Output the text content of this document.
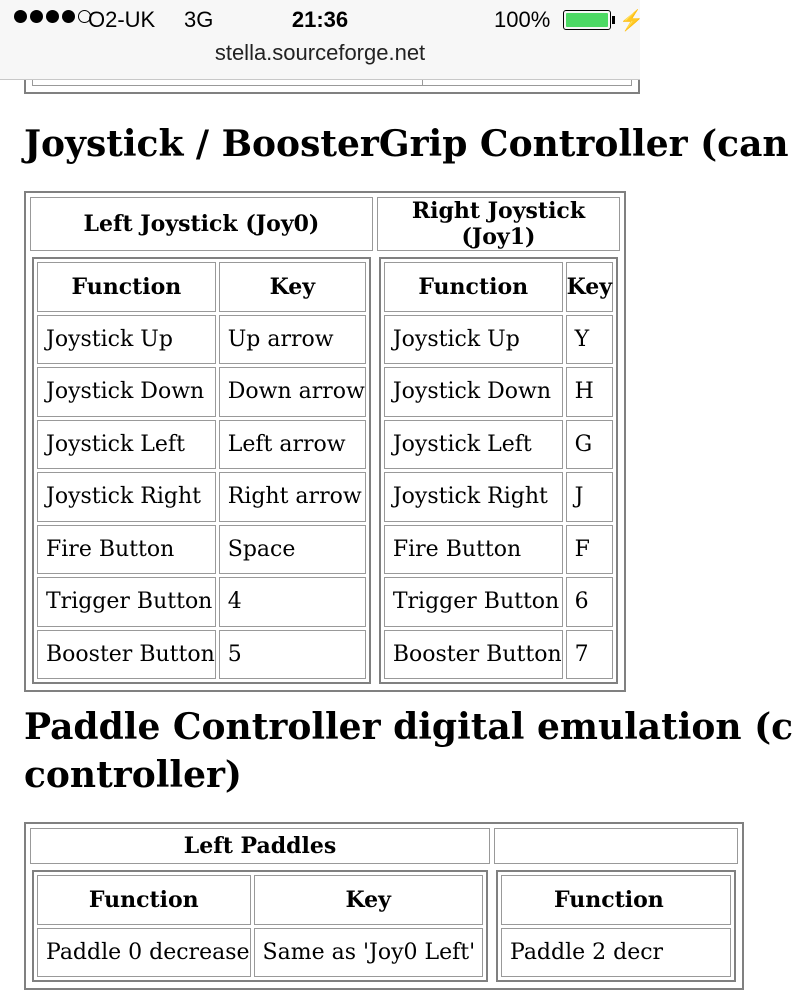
O2-UK 3G	21:36	100%	⚡
stella.sourceforge.net
Joystick / BoosterGrip Controller (can
Left Joystick (Joy0)	Right Joystick (Joy1)

Function	Key
Joystick Up	Up arrow
Joystick Down	Down arrow
Joystick Left	Left arrow
Joystick Right	Right arrow
Fire Button	Space
Trigger Button	4
Booster Button	5

Function	Key
Joystick Up	Y
Joystick Down	H
Joystick Left	G
Joystick Right	J
Fire Button	F
Trigger Button	6
Booster Button	7
Paddle Controller digital emulation (c
controller)
Left Paddles	

Function	Key
Paddle 0 decrease	Same as 'Joy0 Left'

Function
Paddle 2 decr
